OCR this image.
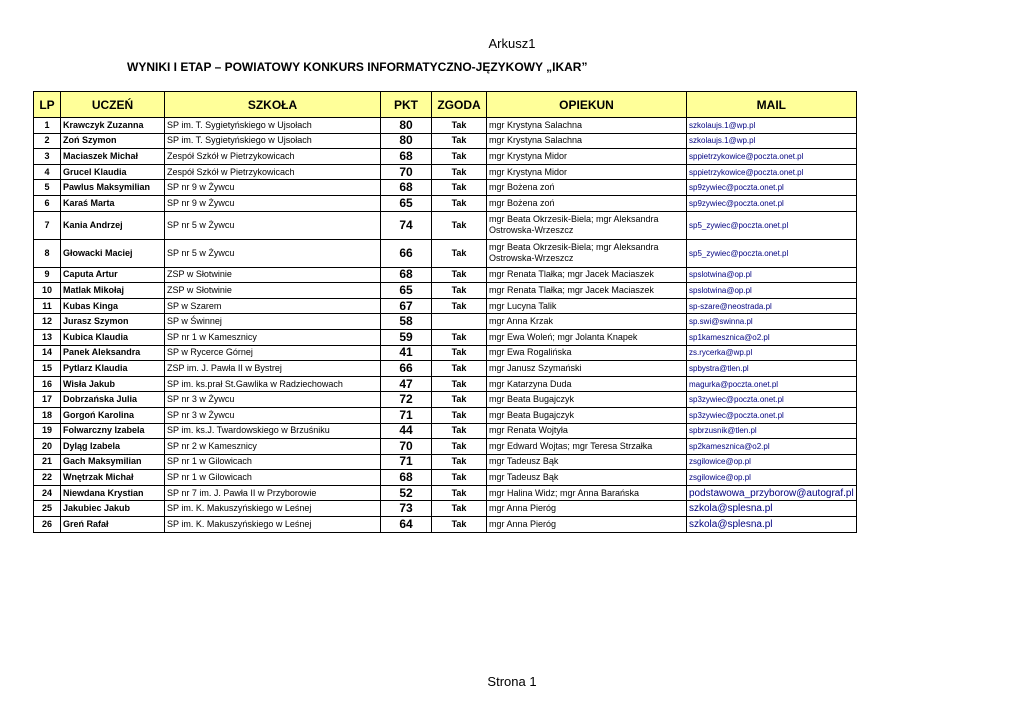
Arkusz1
WYNIKI I ETAP – POWIATOWY KONKURS INFORMATYCZNO-JĘZYKOWY „IKAR”
LP	UCZEŃ	SZKOŁA	PKT	ZGODA	OPIEKUN	MAIL
1	Krawczyk Zuzanna	SP im. T. Sygietyńskiego w Ujsołach	80	Tak	mgr Krystyna Salachna	szkolaujs.1@wp.pl
2	Zoń Szymon	SP im. T. Sygietyńskiego w Ujsołach	80	Tak	mgr Krystyna Salachna	szkolaujs.1@wp.pl
3	Maciaszek Michał	Zespół Szkół w Pietrzykowicach	68	Tak	mgr Krystyna Midor	sppietrzykowice@poczta.onet.pl
4	Grucel Klaudia	Zespół Szkół w Pietrzykowicach	70	Tak	mgr Krystyna Midor	sppietrzykowice@poczta.onet.pl
5	Pawlus Maksymilian	SP nr 9 w Żywcu	68	Tak	mgr Bożena zoń	sp9zywiec@poczta.onet.pl
6	Karaś Marta	SP nr 9 w Żywcu	65	Tak	mgr Bożena zoń	sp9zywiec@poczta.onet.pl
7	Kania Andrzej	SP nr 5 w Żywcu	74	Tak	mgr Beata Okrzesik-Biela; mgr Aleksandra Ostrowska-Wrzeszcz	sp5_zywiec@poczta.onet.pl
8	Głowacki Maciej	SP nr 5 w Żywcu	66	Tak	mgr Beata Okrzesik-Biela; mgr Aleksandra Ostrowska-Wrzeszcz	sp5_zywiec@poczta.onet.pl
9	Caputa Artur	ZSP w Słotwinie	68	Tak	mgr Renata Tlałka; mgr Jacek Maciaszek	spslotwina@op.pl
10	Matlak Mikołaj	ZSP w Słotwinie	65	Tak	mgr Renata Tlałka; mgr Jacek Maciaszek	spslotwina@op.pl
11	Kubas Kinga	SP w Szarem	67	Tak	mgr Lucyna Talik	sp-szare@neostrada.pl
12	Jurasz Szymon	SP w Świnnej	58		mgr Anna Krzak	sp.swi@swinna.pl
13	Kubica Klaudia	SP nr 1 w Kamesznicy	59	Tak	mgr Ewa Woleń; mgr Jolanta Knapek	sp1kamesznica@o2.pl
14	Panek Aleksandra	SP w Rycerce Górnej	41	Tak	mgr Ewa Rogalińska	zs.rycerka@wp.pl
15	Pytlarz Klaudia	ZSP im. J. Pawła II w Bystrej	66	Tak	mgr Janusz Szymański	spbystra@tlen.pl
16	Wisła Jakub	SP im. ks.prał St.Gawlika w Radziechowach	47	Tak	mgr Katarzyna Duda	magurka@poczta.onet.pl
17	Dobrzańska Julia	SP nr 3 w Żywcu	72	Tak	mgr Beata Bugajczyk	sp3zywiec@poczta.onet.pl
18	Gorgoń Karolina	SP nr 3 w Żywcu	71	Tak	mgr Beata Bugajczyk	sp3zywiec@poczta.onet.pl
19	Folwarczny Izabela	SP im. ks.J. Twardowskiego w Brzuśniku	44	Tak	mgr Renata Wojtyła	spbrzusnik@tlen.pl
20	Dyląg Izabela	SP nr 2 w Kamesznicy	70	Tak	mgr Edward Wojtas; mgr Teresa Strzałka	sp2kamesznica@o2.pl
21	Gach Maksymilian	SP nr 1 w Gilowicach	71	Tak	mgr Tadeusz Bąk	zsgilowice@op.pl
22	Wnętrzak Michał	SP nr 1 w Gilowicach	68	Tak	mgr Tadeusz Bąk	zsgilowice@op.pl
24	Niewdana Krystian	SP nr 7 im. J. Pawła II w Przyborowie	52	Tak	mgr Halina Widz; mgr Anna Barańska	podstawowa_przyborow@autograf.pl
25	Jakubiec Jakub	SP im. K. Makuszyńskiego w Leśnej	73	Tak	mgr Anna Pieróg	szkola@splesna.pl
26	Greń Rafał	SP im. K. Makuszyńskiego w Leśnej	64	Tak	mgr Anna Pieróg	szkola@splesna.pl
Strona 1
